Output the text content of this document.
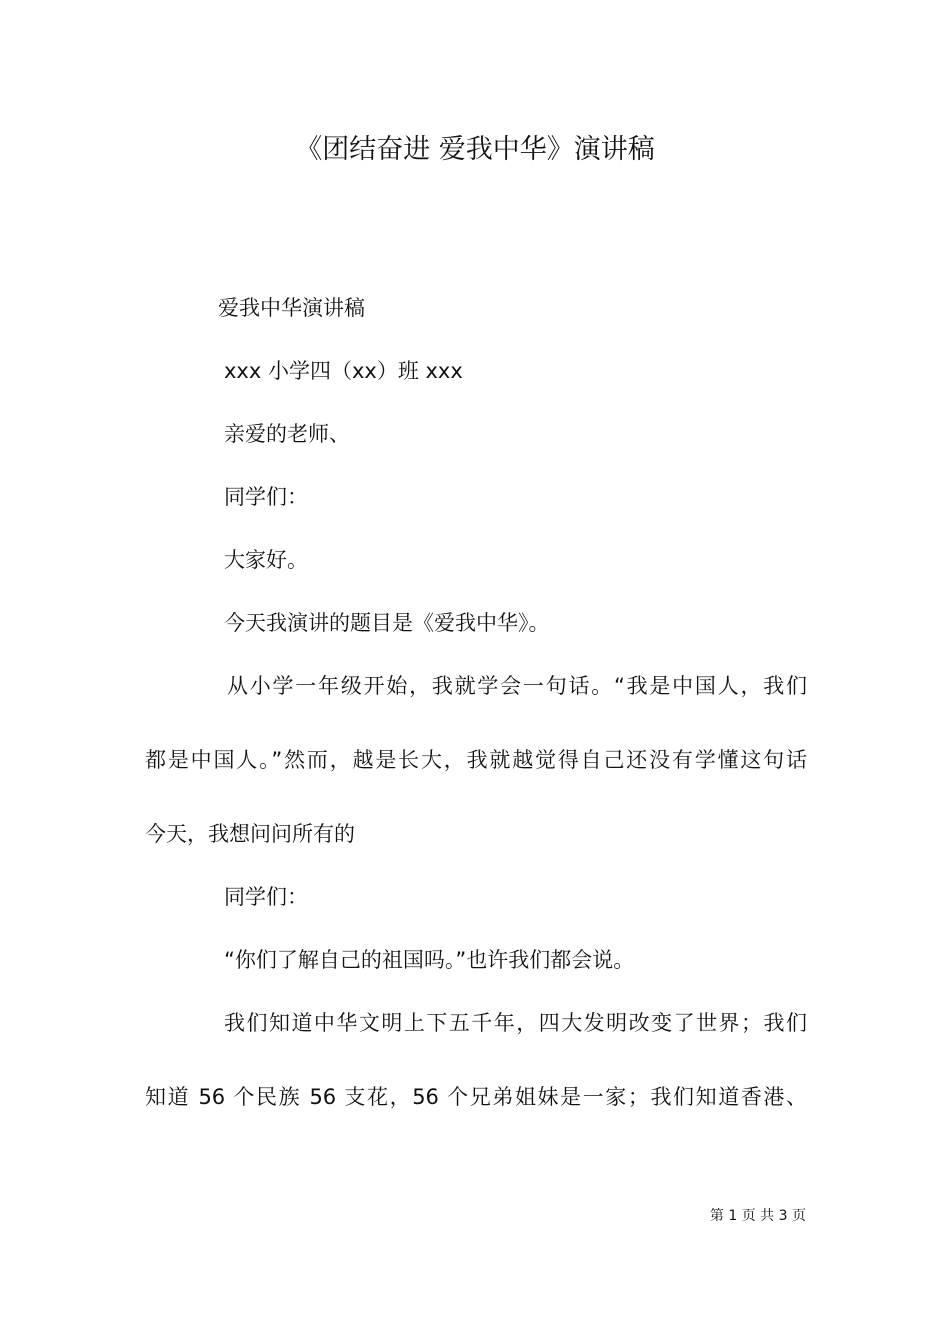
《团结奋进 爱我中华》演讲稿
爱我中华演讲稿
xxx 小学四（xx）班 xxx
亲爱的老师、
同学们：
大家好。
今天我演讲的题目是《爱我中华》。
从小学一年级开始，我就学会一句话。“我是中国人，我们
都是中国人。”然而，越是长大，我就越觉得自己还没有学懂这句话
今天，我想问问所有的
同学们：
“你们了解自己的祖国吗。”也许我们都会说。
我们知道中华文明上下五千年，四大发明改变了世界；我们
知道 56 个民族 56 支花，56 个兄弟姐妹是一家；我们知道香港、
第 1 页 共 3 页
